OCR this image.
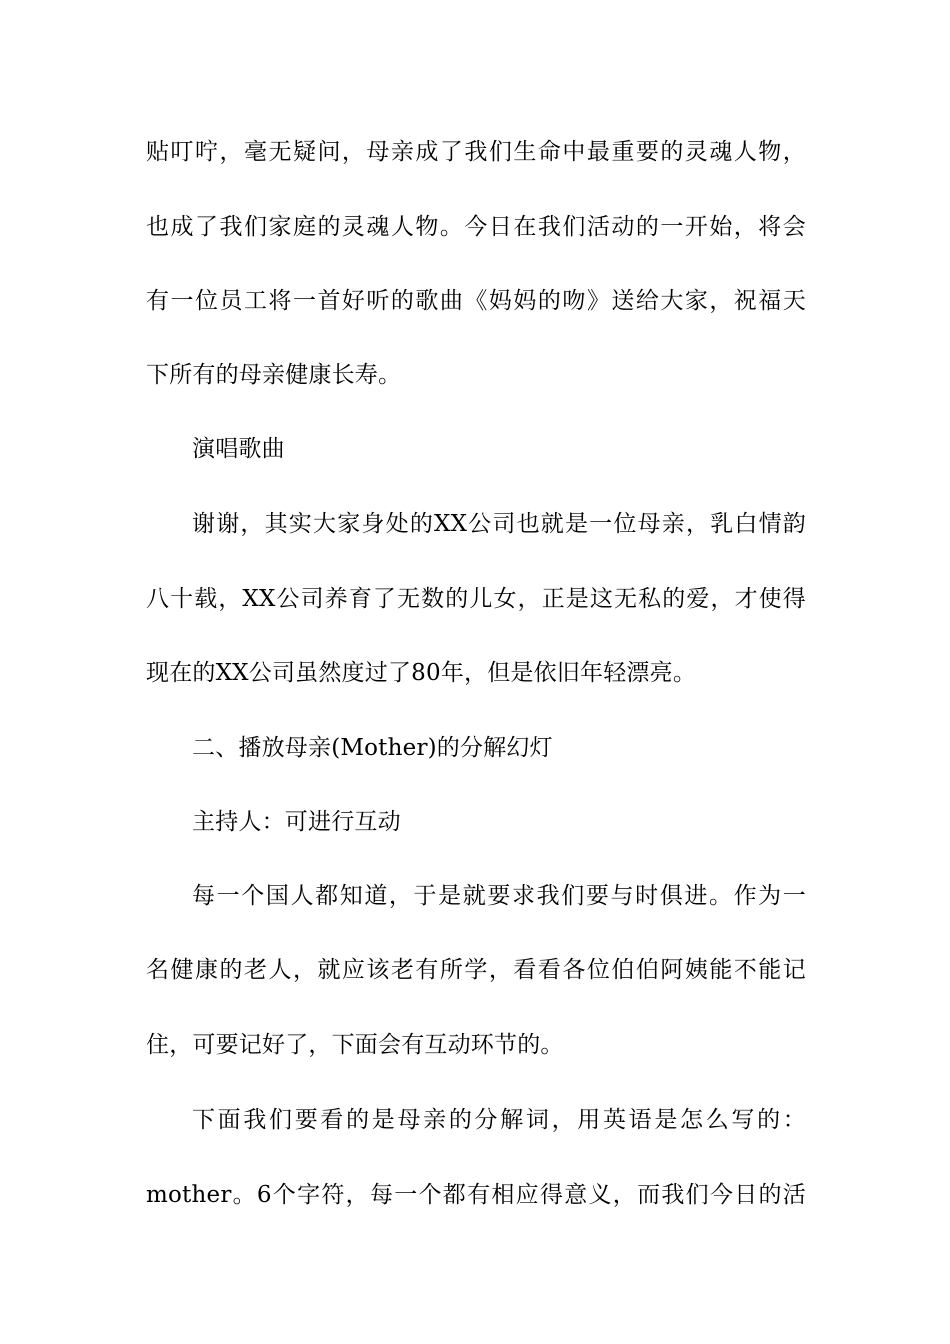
贴叮咛，毫无疑问，母亲成了我们生命中最重要的灵魂人物，
也成了我们家庭的灵魂人物。今日在我们活动的一开始，将会
有一位员工将一首好听的歌曲《妈妈的吻》送给大家，祝福天
下所有的母亲健康长寿。
演唱歌曲
谢谢，其实大家身处的XX公司也就是一位母亲，乳白情韵
八十载，XX公司养育了无数的儿女，正是这无私的爱，才使得
现在的XX公司虽然度过了80年，但是依旧年轻漂亮。
二、播放母亲(Mother)的分解幻灯
主持人：可进行互动
每一个国人都知道，于是就要求我们要与时俱进。作为一
名健康的老人，就应该老有所学，看看各位伯伯阿姨能不能记
住，可要记好了，下面会有互动环节的。
下面我们要看的是母亲的分解词，用英语是怎么写的：
mother。6个字符，每一个都有相应得意义，而我们今日的活
